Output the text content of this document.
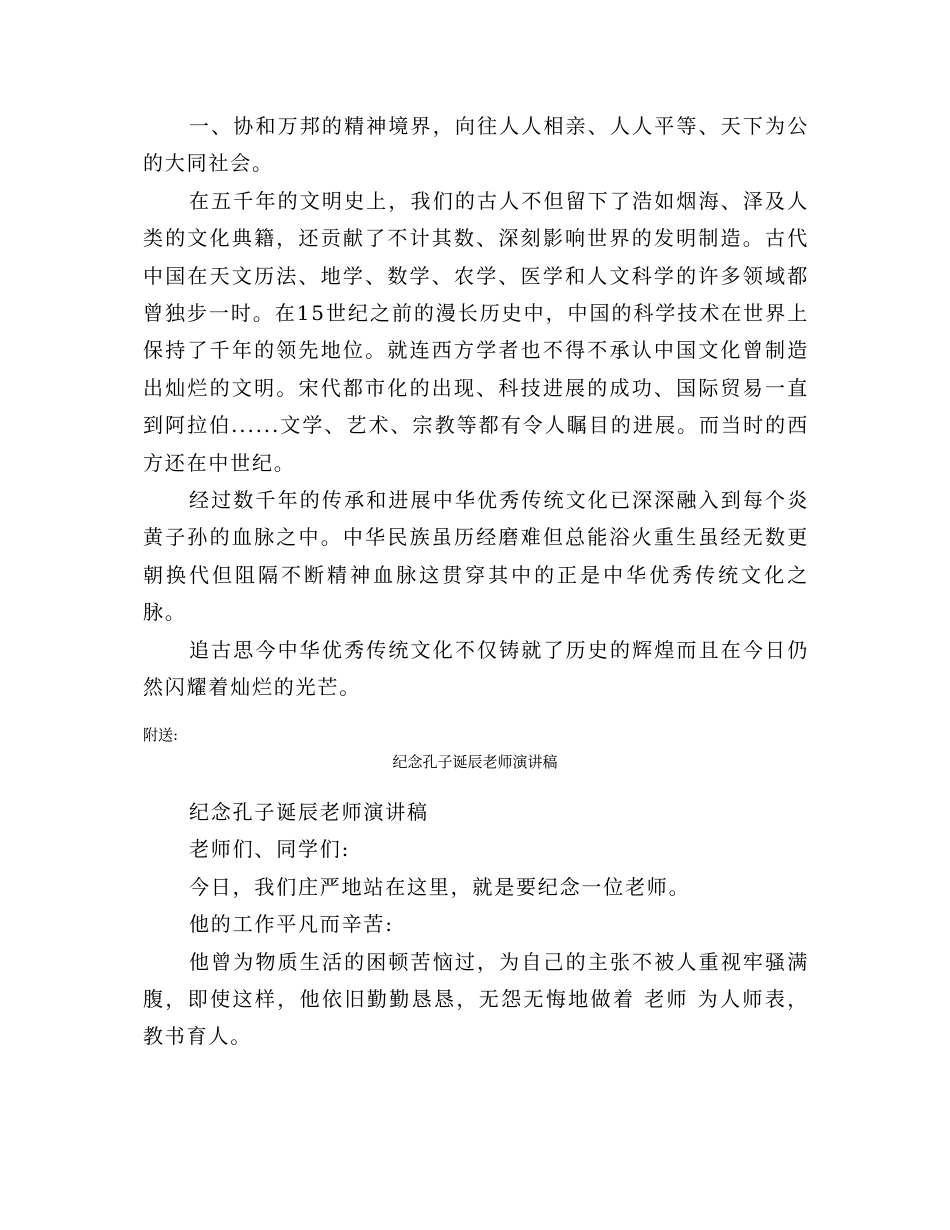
一、协和万邦的精神境界，向往人人相亲、人人平等、天下为公的大同社会。

在五千年的文明史上，我们的古人不但留下了浩如烟海、泽及人类的文化典籍，还贡献了不计其数、深刻影响世界的发明制造。古代中国在天文历法、地学、数学、农学、医学和人文科学的许多领域都曾独步一时。在15世纪之前的漫长历史中，中国的科学技术在世界上保持了千年的领先地位。就连西方学者也不得不承认中国文化曾制造出灿烂的文明。宋代都市化的出现、科技进展的成功、国际贸易一直到阿拉伯......文学、艺术、宗教等都有令人瞩目的进展。而当时的西方还在中世纪。

经过数千年的传承和进展中华优秀传统文化已深深融入到每个炎黄子孙的血脉之中。中华民族虽历经磨难但总能浴火重生虽经无数更朝换代但阻隔不断精神血脉这贯穿其中的正是中华优秀传统文化之脉。

追古思今中华优秀传统文化不仅铸就了历史的辉煌而且在今日仍然闪耀着灿烂的光芒。

附送:
纪念孔子诞辰老师演讲稿

纪念孔子诞辰老师演讲稿

老师们、同学们:

今日，我们庄严地站在这里，就是要纪念一位老师。

他的工作平凡而辛苦:

他曾为物质生活的困顿苦恼过，为自己的主张不被人重视牢骚满腹，即使这样，他依旧勤勤恳恳，无怨无悔地做着 老师 为人师表，教书育人。
